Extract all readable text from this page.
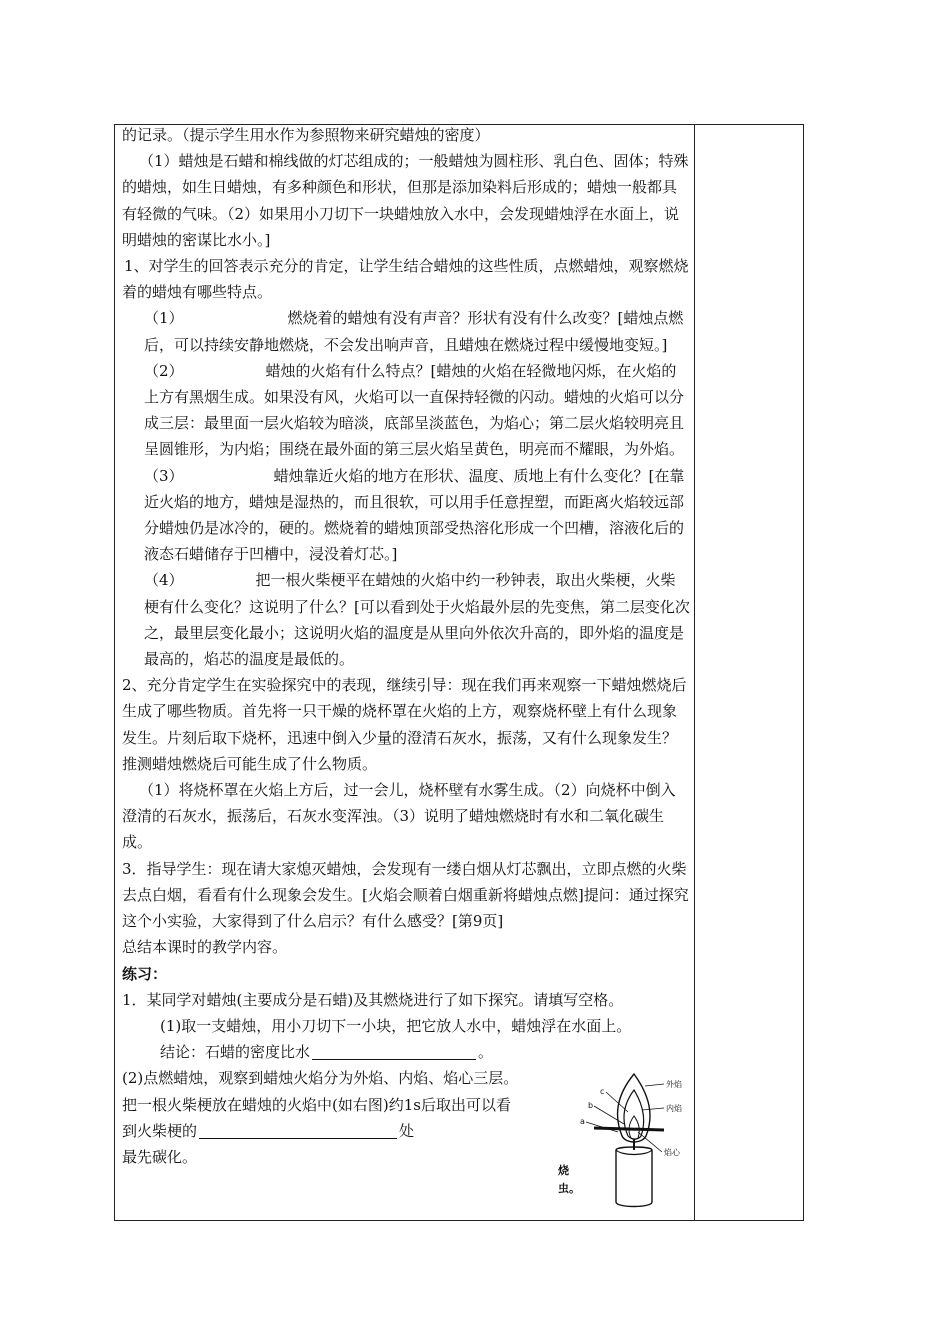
的记录。（提示学生用水作为参照物来研究蜡烛的密度）

（1）蜡烛是石蜡和棉线做的灯芯组成的；一般蜡烛为圆柱形、乳白色、固体；特殊的蜡烛，如生日蜡烛，有多种颜色和形状，但那是添加染料后形成的；蜡烛一般都具有轻微的气味。（2）如果用小刀切下一块蜡烛放入水中，会发现蜡烛浮在水面上，说明蜡烛的密谋比水小。]

1、对学生的回答表示充分的肯定，让学生结合蜡烛的这些性质，点燃蜡烛，观察燃烧着的蜡烛有哪些特点。

（1）	燃烧着的蜡烛有没有声音？形状有没有什么改变？[蜡烛点燃后，可以持续安静地燃烧，不会发出响声音，且蜡烛在燃烧过程中缓慢地变短。]

（2）	蜡烛的火焰有什么特点？[蜡烛的火焰在轻微地闪烁，在火焰的上方有黑烟生成。如果没有风，火焰可以一直保持轻微的闪动。蜡烛的火焰可以分成三层：最里面一层火焰较为暗淡，底部呈淡蓝色，为焰心；第二层火焰较明亮且呈圆锥形，为内焰；围绕在最外面的第三层火焰呈黄色，明亮而不耀眼，为外焰。

（3）	蜡烛靠近火焰的地方在形状、温度、质地上有什么变化？[在靠近火焰的地方，蜡烛是湿热的，而且很软，可以用手任意捏塑，而距离火焰较远部分蜡烛仍是冰冷的，硬的。燃烧着的蜡烛顶部受热溶化形成一个凹槽，溶液化后的液态石蜡储存于凹槽中，浸没着灯芯。]

（4）	把一根火柴梗平在蜡烛的火焰中约一秒钟表，取出火柴梗，火柴梗有什么变化？这说明了什么？[可以看到处于火焰最外层的先变焦，第二层变化次之，最里层变化最小；这说明火焰的温度是从里向外依次升高的，即外焰的温度是最高的，焰芯的温度是最低的。

2、充分肯定学生在实验探究中的表现，继续引导：现在我们再来观察一下蜡烛燃烧后生成了哪些物质。首先将一只干燥的烧杯罩在火焰的上方，观察烧杯壁上有什么现象发生。片刻后取下烧杯，迅速中倒入少量的澄清石灰水，振荡，又有什么现象发生？推测蜡烛燃烧后可能生成了什么物质。

（1）将烧杯罩在火焰上方后，过一会儿，烧杯壁有水雾生成。（2）向烧杯中倒入澄清的石灰水，振荡后，石灰水变浑浊。（3）说明了蜡烛燃烧时有水和二氧化碳生成。

3．指导学生：现在请大家熄灭蜡烛，会发现有一缕白烟从灯芯飘出，立即点燃的火柴去点白烟，看看有什么现象会发生。[火焰会顺着白烟重新将蜡烛点燃]提问：通过探究这个小实验，大家得到了什么启示？有什么感受？[第9页]

总结本课时的教学内容。

练习：

1．某同学对蜡烛(主要成分是石蜡)及其燃烧进行了如下探究。请填写空格。

(1)取一支蜡烛，用小刀切下一小块，把它放人水中，蜡烛浮在水面上。

结论：石蜡的密度比水	。

(2)点燃蜡烛，观察到蜡烛火焰分为外焰、内焰、焰心三层。把一根火柴梗放在蜡烛的火焰中(如右图)约1s后取出可以看到火柴梗的	处
最先碳化。

外焰
内焰
焰心
a
b
c
烧
虫。
